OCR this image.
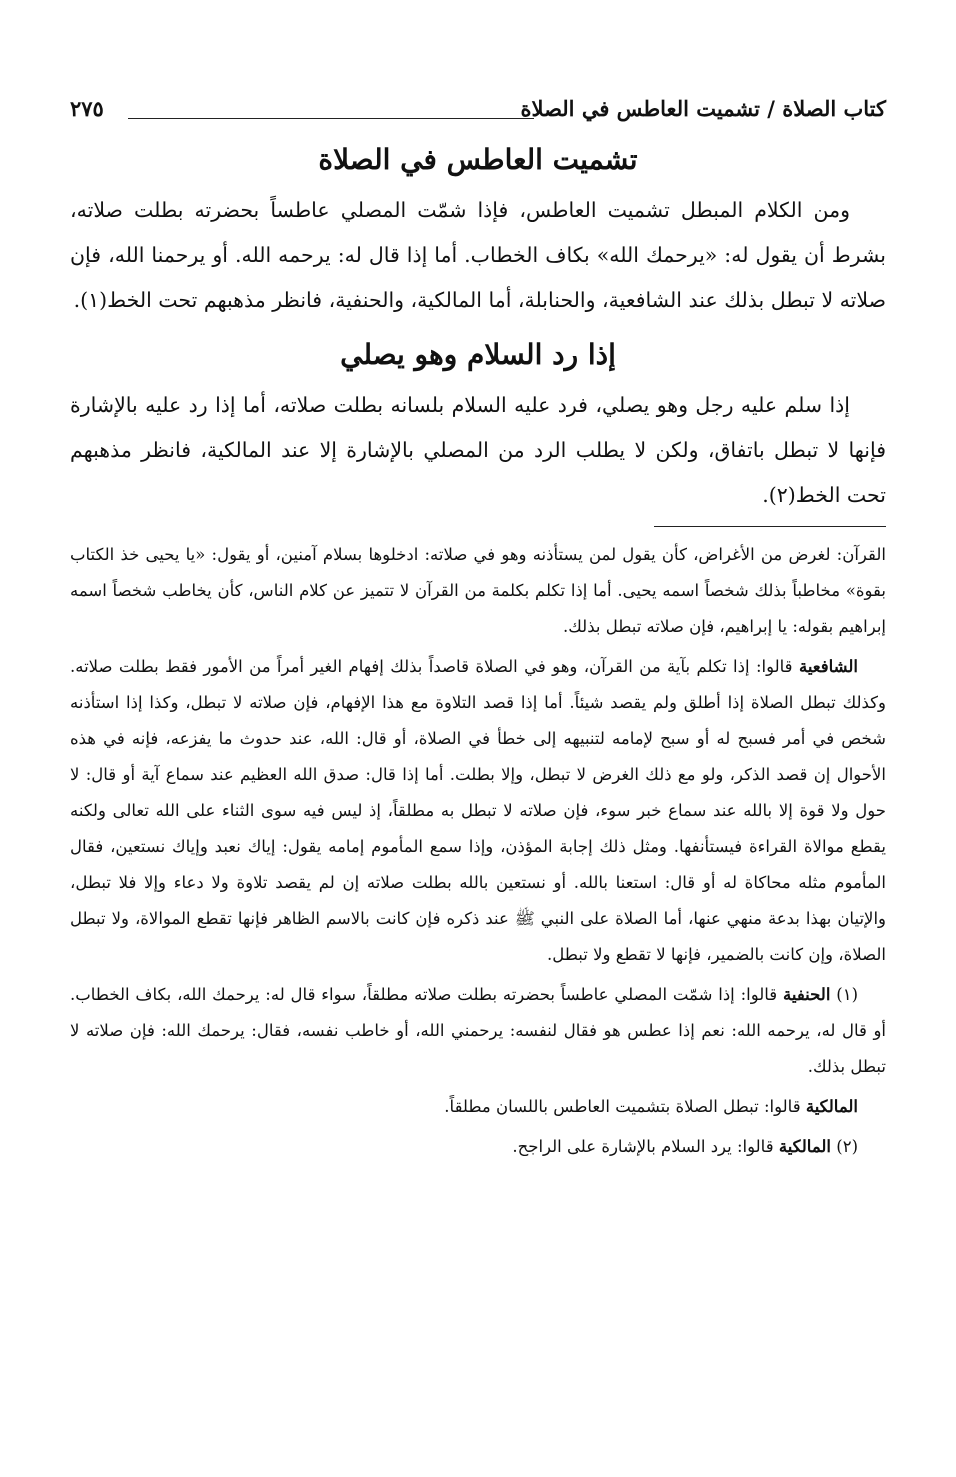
كتاب الصلاة / تشميت العاطس في الصلاة
٢٧٥
تشميت العاطس في الصلاة

ومن الكلام المبطل تشميت العاطس، فإذا شمّت المصلي عاطساً بحضرته بطلت صلاته، بشرط أن يقول له: «يرحمك الله» بكاف الخطاب. أما إذا قال له: يرحمه الله. أو يرحمنا الله، فإن صلاته لا تبطل بذلك عند الشافعية، والحنابلة، أما المالكية، والحنفية، فانظر مذهبهم تحت الخط(١).

إذا رد السلام وهو يصلي

إذا سلم عليه رجل وهو يصلي، فرد عليه السلام بلسانه بطلت صلاته، أما إذا رد عليه بالإشارة فإنها لا تبطل باتفاق، ولكن لا يطلب الرد من المصلي بالإشارة إلا عند المالكية، فانظر مذهبهم تحت الخط(٢).

القرآن: لغرض من الأغراض، كأن يقول لمن يستأذنه وهو في صلاته: ادخلوها بسلام آمنين، أو يقول: «يا يحيى خذ الكتاب بقوة» مخاطباً بذلك شخصاً اسمه يحيى. أما إذا تكلم بكلمة من القرآن لا تتميز عن كلام الناس، كأن يخاطب شخصاً اسمه إبراهيم بقوله: يا إبراهيم، فإن صلاته تبطل بذلك.

الشافعية قالوا: إذا تكلم بآية من القرآن، وهو في الصلاة قاصداً بذلك إفهام الغير أمراً من الأمور فقط بطلت صلاته. وكذلك تبطل الصلاة إذا أطلق ولم يقصد شيئاً. أما إذا قصد التلاوة مع هذا الإفهام، فإن صلاته لا تبطل، وكذا إذا استأذنه شخص في أمر فسبح له أو سبح لإمامه لتنبيهه إلى خطأ في الصلاة، أو قال: الله، عند حدوث ما يفزعه، فإنه في هذه الأحوال إن قصد الذكر، ولو مع ذلك الغرض لا تبطل، وإلا بطلت. أما إذا قال: صدق الله العظيم عند سماع آية أو قال: لا حول ولا قوة إلا بالله عند سماع خبر سوء، فإن صلاته لا تبطل به مطلقاً، إذ ليس فيه سوى الثناء على الله تعالى ولكنه يقطع موالاة القراءة فيستأنفها. ومثل ذلك إجابة المؤذن، وإذا سمع المأموم إمامه يقول: إياك نعبد وإياك نستعين، فقال المأموم مثله محاكاة له أو قال: استعنا بالله. أو نستعين بالله بطلت صلاته إن لم يقصد تلاوة ولا دعاء وإلا فلا تبطل، والإتيان بهذا بدعة منهي عنها، أما الصلاة على النبي ﷺ عند ذكره فإن كانت بالاسم الظاهر فإنها تقطع الموالاة، ولا تبطل الصلاة، وإن كانت بالضمير، فإنها لا تقطع ولا تبطل.

(١) الحنفية قالوا: إذا شمّت المصلي عاطساً بحضرته بطلت صلاته مطلقاً، سواء قال له: يرحمك الله، بكاف الخطاب. أو قال له، يرحمه الله: نعم إذا عطس هو فقال لنفسه: يرحمني الله، أو خاطب نفسه، فقال: يرحمك الله: فإن صلاته لا تبطل بذلك.

المالكية قالوا: تبطل الصلاة بتشميت العاطس باللسان مطلقاً.

(٢) المالكية قالوا: يرد السلام بالإشارة على الراجح.
